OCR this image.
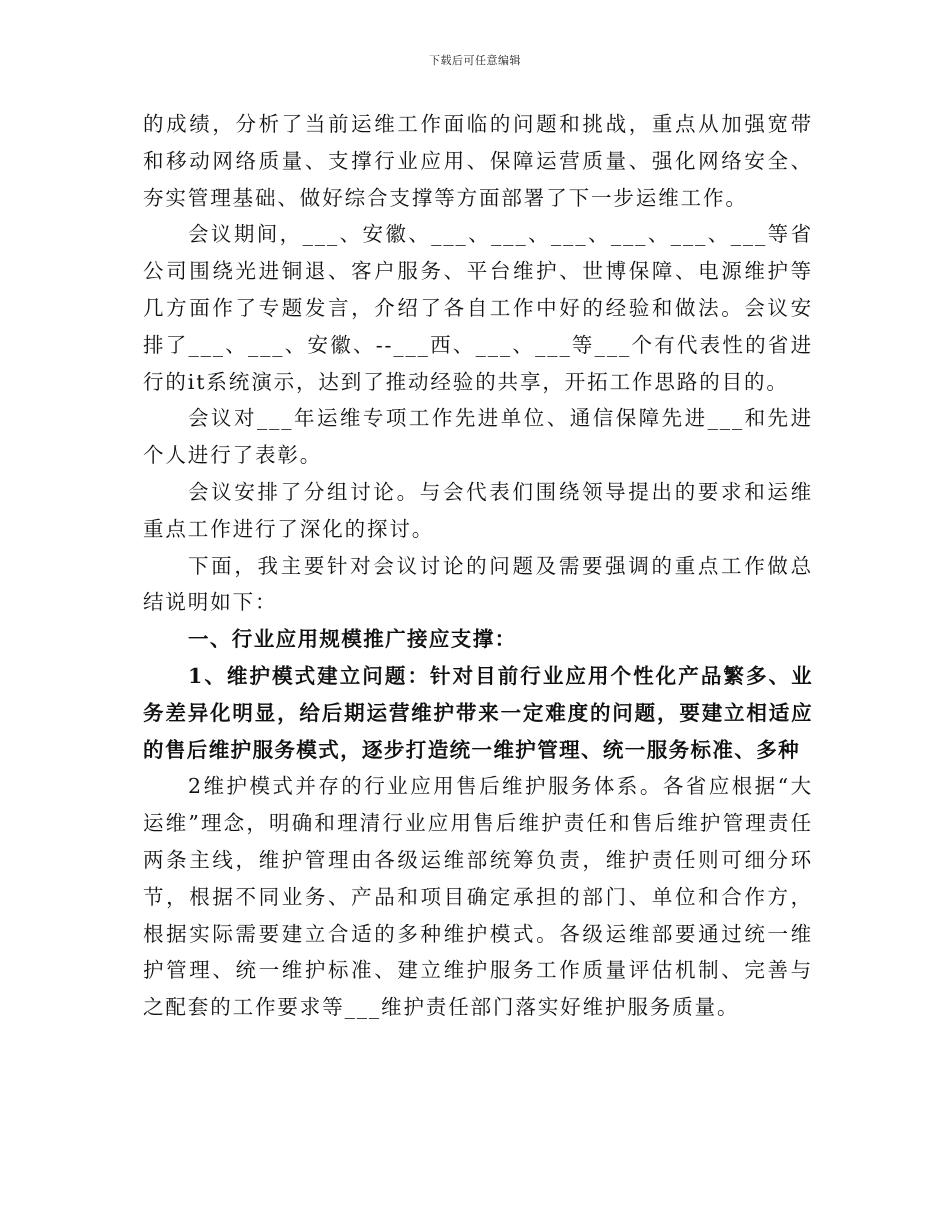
下载后可任意编辑

的成绩，分析了当前运维工作面临的问题和挑战，重点从加强宽带和移动网络质量、支撑行业应用、保障运营质量、强化网络安全、夯实管理基础、做好综合支撑等方面部署了下一步运维工作。

会议期间，___、安徽、___、___、___、___、___、___等省公司围绕光进铜退、客户服务、平台维护、世博保障、电源维护等几方面作了专题发言，介绍了各自工作中好的经验和做法。会议安排了___、___、安徽、--___西、___、___等___个有代表性的省进行的it系统演示，达到了推动经验的共享，开拓工作思路的目的。

会议对___年运维专项工作先进单位、通信保障先进___和先进个人进行了表彰。

会议安排了分组讨论。与会代表们围绕领导提出的要求和运维重点工作进行了深化的探讨。

下面，我主要针对会议讨论的问题及需要强调的重点工作做总结说明如下：

一、行业应用规模推广接应支撑：

1、维护模式建立问题：针对目前行业应用个性化产品繁多、业务差异化明显，给后期运营维护带来一定难度的问题，要建立相适应的售后维护服务模式，逐步打造统一维护管理、统一服务标准、多种

2维护模式并存的行业应用售后维护服务体系。各省应根据“大运维”理念，明确和理清行业应用售后维护责任和售后维护管理责任两条主线，维护管理由各级运维部统筹负责，维护责任则可细分环节，根据不同业务、产品和项目确定承担的部门、单位和合作方，根据实际需要建立合适的多种维护模式。各级运维部要通过统一维护管理、统一维护标准、建立维护服务工作质量评估机制、完善与之配套的工作要求等___维护责任部门落实好维护服务质量。
